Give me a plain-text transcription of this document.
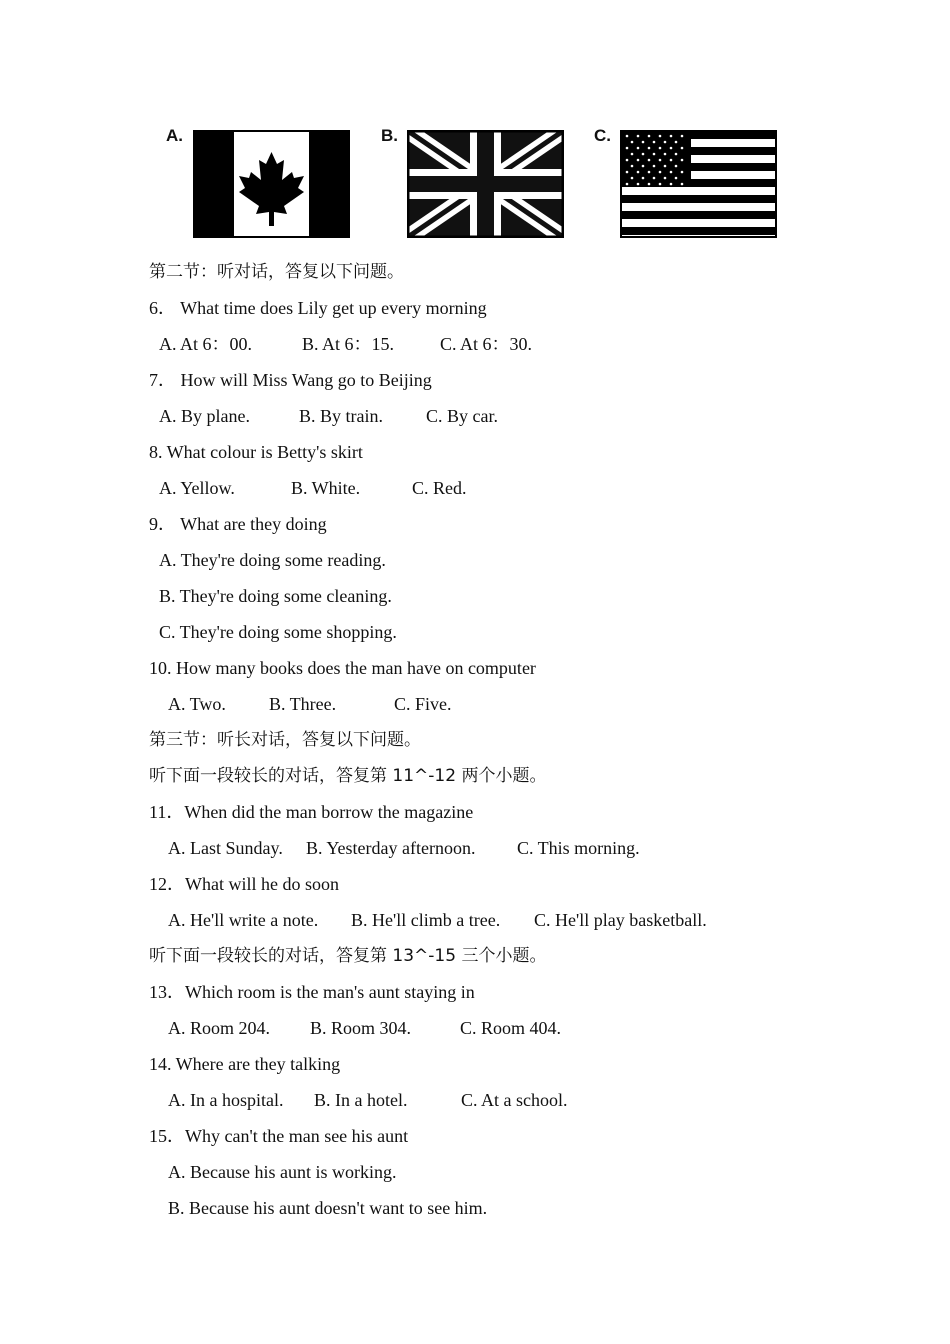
A.	B.	C.
第二节：听对话，答复以下问题。
6． What time does Lily get up every morning
A. At 6：00.	B. At 6：15.	C. At 6：30.
7． How will Miss Wang go to Beijing
A. By plane.	B. By train.	C. By car.
8. What colour is Betty's skirt
A. Yellow.	B. White.	C. Red.
9． What are they doing
A. They're doing some reading.
B. They're doing some cleaning.
C. They're doing some shopping.
10. How many books does the man have on computer
A. Two.	B. Three.	C. Five.
第三节：听长对话，答复以下问题。
听下面一段较长的对话，答复第 11^-12 两个小题。
11．When did the man borrow the magazine
A. Last Sunday.	B. Yesterday afternoon.	C. This morning.
12．What will he do soon
A. He'll write a note.	B. He'll climb a tree.	C. He'll play basketball.
听下面一段较长的对话，答复第 13^-15 三个小题。
13．Which room is the man's aunt staying in
A. Room 204.	B. Room 304.	C. Room 404.
14. Where are they talking
A. In a hospital.	B. In a hotel.	C. At a school.
15．Why can't the man see his aunt
A. Because his aunt is working.
B. Because his aunt doesn't want to see him.
